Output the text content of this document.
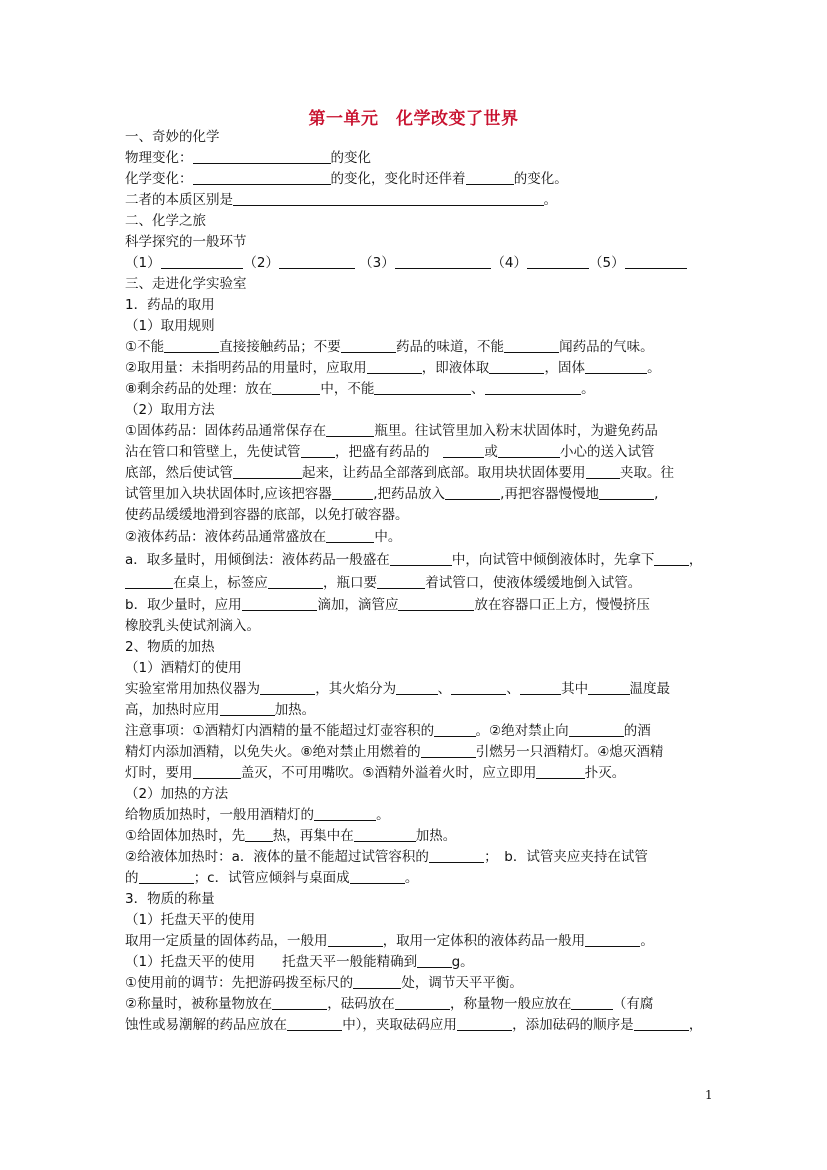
第一单元　化学改变了世界
一、奇妙的化学
物理变化：	的变化
化学变化：	的变化，变化时还伴着	的变化。
二者的本质区别是	。
二、化学之旅
科学探究的一般环节
（1）	（2）	（3）	（4）	（5）
三、走进化学实验室
1．药品的取用
（1）取用规则
①不能	直接接触药品；不要	药品的味道，不能	闻药品的气味。
②取用量：未指明药品的用量时，应取用	，即液体取	，固体	。
⑧剩余药品的处理：放在	中，不能	、	。
（2）取用方法
①固体药品：固体药品通常保存在	瓶里。往试管里加入粉末状固体时，为避免药品
沾在管口和管壁上，先使试管	，把盛有药品的　	或	小心的送入试管
底部，然后使试管	起来，让药品全部落到底部。取用块状固体要用	夹取。往
试管里加入块状固体时,应该把容器	,把药品放入	,再把容器慢慢地	,
使药品缓缓地滑到容器的底部，以免打破容器。
②液体药品：液体药品通常盛放在	中。
a．取多量时，用倾倒法：液体药品一般盛在	中，向试管中倾倒液体时，先拿下	，
在桌上，标签应	，瓶口要	着试管口，使液体缓缓地倒入试管。
b．取少量时，应用	滴加，滴管应	放在容器口正上方，慢慢挤压
橡胶乳头使试剂滴入。
2、物质的加热
（1）酒精灯的使用
实验室常用加热仪器为	，其火焰分为	、	、	其中	温度最
高，加热时应用	加热。
注意事项：①酒精灯内酒精的量不能超过灯壶容积的	。②绝对禁止向	的酒
精灯内添加酒精，以免失火。⑧绝对禁止用燃着的	引燃另一只酒精灯。④熄灭酒精
灯时，要用	盖灭，不可用嘴吹。⑤酒精外溢着火时，应立即用	扑灭。
（2）加热的方法
给物质加热时，一般用酒精灯的	。
①给固体加热时，先 热，再集中在	加热。
②给液体加热时：a．液体的量不能超过试管容积的	；　b．试管夹应夹持在试管
的	；c．试管应倾斜与桌面成	。
3．物质的称量
（1）托盘天平的使用
取用一定质量的固体药品，一般用	，取用一定体积的液体药品一般用	。
（1）托盘天平的使用　　托盘天平一般能精确到	g。
①使用前的调节：先把游码拨至标尺的	处，调节天平平衡。
②称量时，被称量物放在	，砝码放在	，称量物一般应放在	（有腐
蚀性或易潮解的药品应放在	中），夹取砝码应用	，添加砝码的顺序是	，
1
